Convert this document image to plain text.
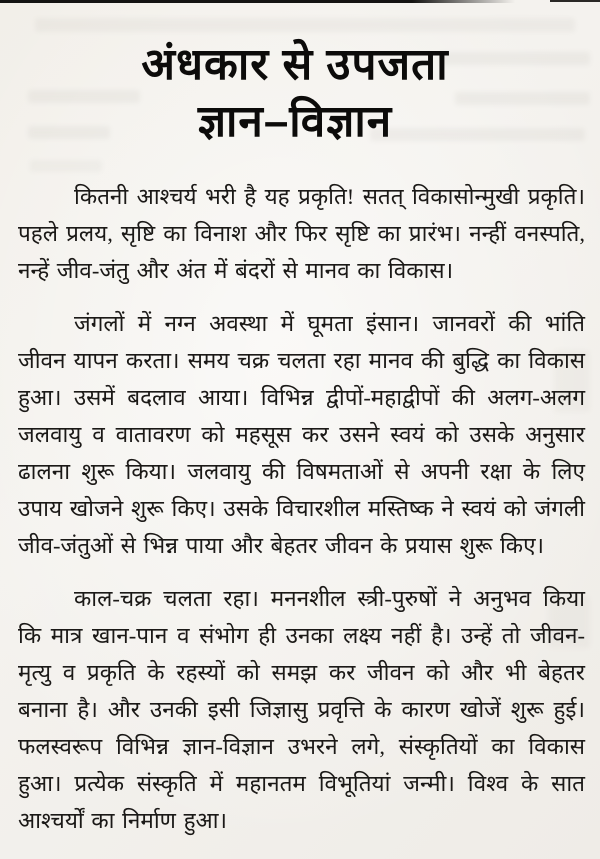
अंधकार से उपजता
ज्ञान–विज्ञान

कितनी आश्चर्य भरी है यह प्रकृति! सतत् विकासोन्मुखी प्रकृति। पहले प्रलय, सृष्टि का विनाश और फिर सृष्टि का प्रारंभ। नन्हीं वनस्पति, नन्हें जीव-जंतु और अंत में बंदरों से मानव का विकास।

जंगलों में नग्न अवस्था में घूमता इंसान। जानवरों की भांति जीवन यापन करता। समय चक्र चलता रहा मानव की बुद्धि का विकास हुआ। उसमें बदलाव आया। विभिन्न द्वीपों-महाद्वीपों की अलग-अलग जलवायु व वातावरण को महसूस कर उसने स्वयं को उसके अनुसार ढालना शुरू किया। जलवायु की विषमताओं से अपनी रक्षा के लिए उपाय खोजने शुरू किए। उसके विचारशील मस्तिष्क ने स्वयं को जंगली जीव-जंतुओं से भिन्न पाया और बेहतर जीवन के प्रयास शुरू किए।

काल-चक्र चलता रहा। मननशील स्त्री-पुरुषों ने अनुभव किया कि मात्र खान-पान व संभोग ही उनका लक्ष्य नहीं है। उन्हें तो जीवन-मृत्यु व प्रकृति के रहस्यों को समझ कर जीवन को और भी बेहतर बनाना है। और उनकी इसी जिज्ञासु प्रवृत्ति के कारण खोजें शुरू हुई। फलस्वरूप विभिन्न ज्ञान-विज्ञान उभरने लगे, संस्कृतियों का विकास हुआ। प्रत्येक संस्कृति में महानतम विभूतियां जन्मी। विश्व के सात आश्चर्यों का निर्माण हुआ।
